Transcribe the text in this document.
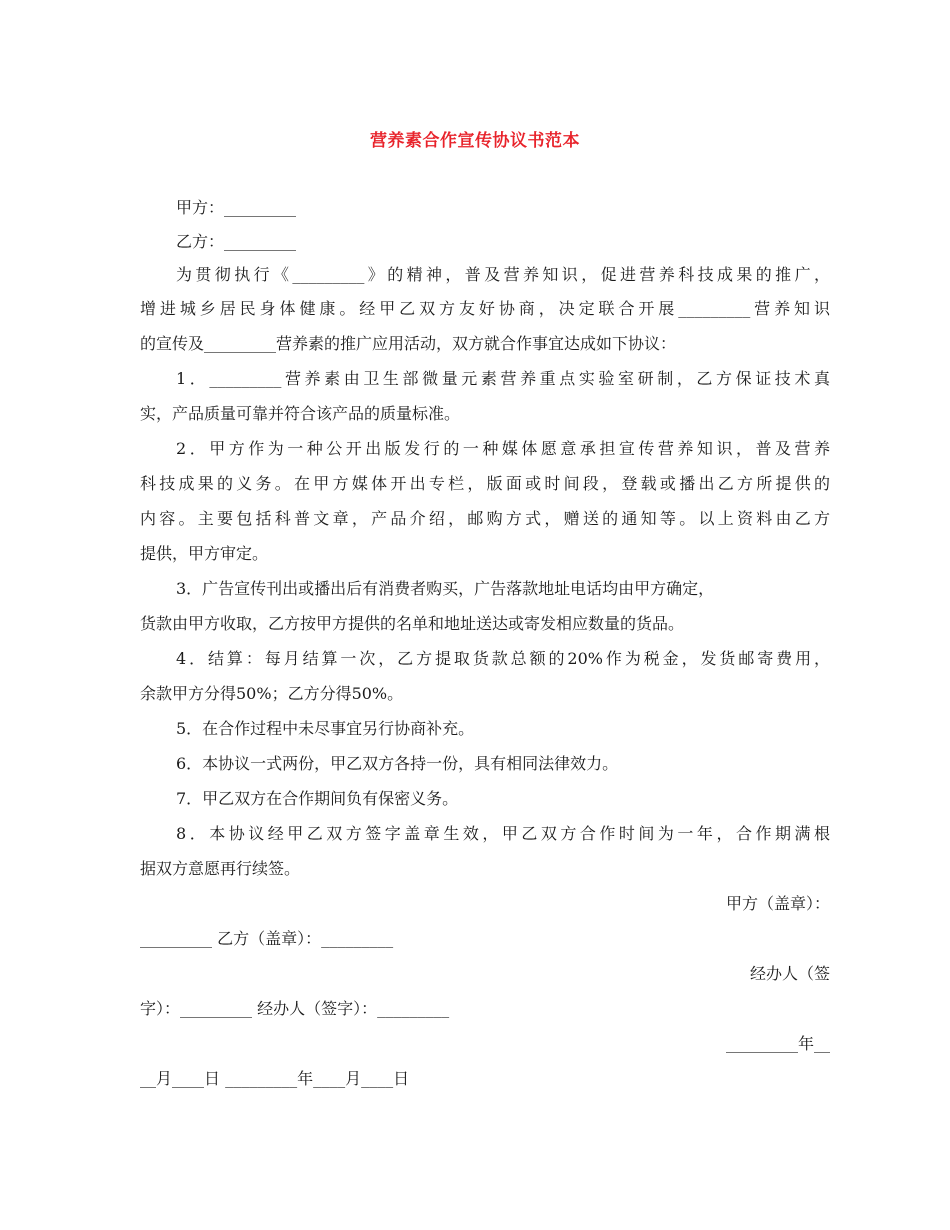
营养素合作宣传协议书范本
甲方：_________
乙方：_________
为贯彻执行《_________》的精神，普及营养知识，促进营养科技成果的推广，
增进城乡居民身体健康。经甲乙双方友好协商，决定联合开展_________营养知识
的宣传及_________营养素的推广应用活动，双方就合作事宜达成如下协议：
1．_________营养素由卫生部微量元素营养重点实验室研制，乙方保证技术真
实，产品质量可靠并符合该产品的质量标准。
2．甲方作为一种公开出版发行的一种媒体愿意承担宣传营养知识，普及营养
科技成果的义务。在甲方媒体开出专栏，版面或时间段，登载或播出乙方所提供的
内容。主要包括科普文章，产品介绍，邮购方式，赠送的通知等。以上资料由乙方
提供，甲方审定。
3．广告宣传刊出或播出后有消费者购买，广告落款地址电话均由甲方确定，
货款由甲方收取，乙方按甲方提供的名单和地址送达或寄发相应数量的货品。
4．结算：每月结算一次，乙方提取货款总额的20%作为税金，发货邮寄费用，
余款甲方分得50%；乙方分得50%。
5．在合作过程中未尽事宜另行协商补充。
6．本协议一式两份，甲乙双方各持一份，具有相同法律效力。
7．甲乙双方在合作期间负有保密义务。
8．本协议经甲乙双方签字盖章生效，甲乙双方合作时间为一年，合作期满根
据双方意愿再行续签。
甲方（盖章）：
_________ 乙方（盖章）：_________
经办人（签
字）：_________ 经办人（签字）：_________
_________年__
__月____日 _________年____月____日
